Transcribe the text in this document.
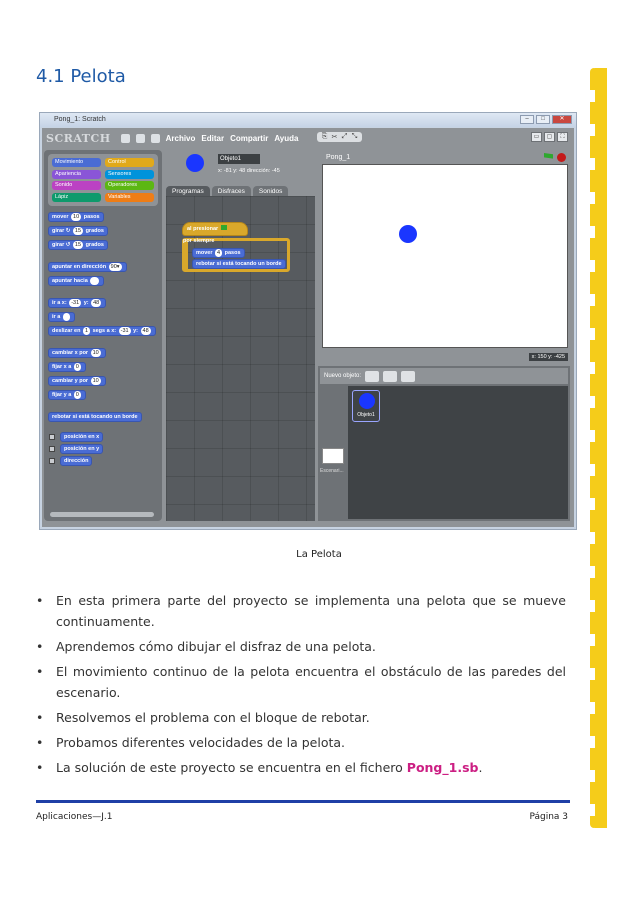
4.1 Pelota
Pong_1: Scratch	–	□	✕
SCRATCH	Archivo Editar Compartir Ayuda	⎘ ✂ ⤢ ⤡	▭	▢	⛶
Movimiento	Control
Apariencia	Sensores
Sonido	Operadores
Lápiz	Variables
mover 10 pasos
girar ↻ 15 grados
girar ↺ 15 grados
apuntar en dirección 90▾
apuntar hacia
ir a x: -31 y: 48
ir a
deslizar en 1 segs a x: -31 y: 48
cambiar x por 10
fijar x a 0
cambiar y por 10
fijar y a 0
rebotar si está tocando un borde
posición en x
posición en y
dirección
Objeto1
x: -81 y: 48 dirección: -45
Programas	Disfraces	Sonidos
al presionar
por siempre
mover 4 pasos
rebotar si está tocando un borde
Pong_1
x: 150 y: -425
Nuevo objeto:
Escenari...
Objeto1
La Pelota
• En esta primera parte del proyecto se implementa una pelota que se mueve continuamente.
• Aprendemos cómo dibujar el disfraz de una pelota.
• El movimiento continuo de la pelota encuentra el obstáculo de las paredes del escenario.
• Resolvemos el problema con el bloque de rebotar.
• Probamos diferentes velocidades de la pelota.
• La solución de este proyecto se encuentra en el fichero Pong_1.sb.
Aplicaciones—J.1	Página 3
